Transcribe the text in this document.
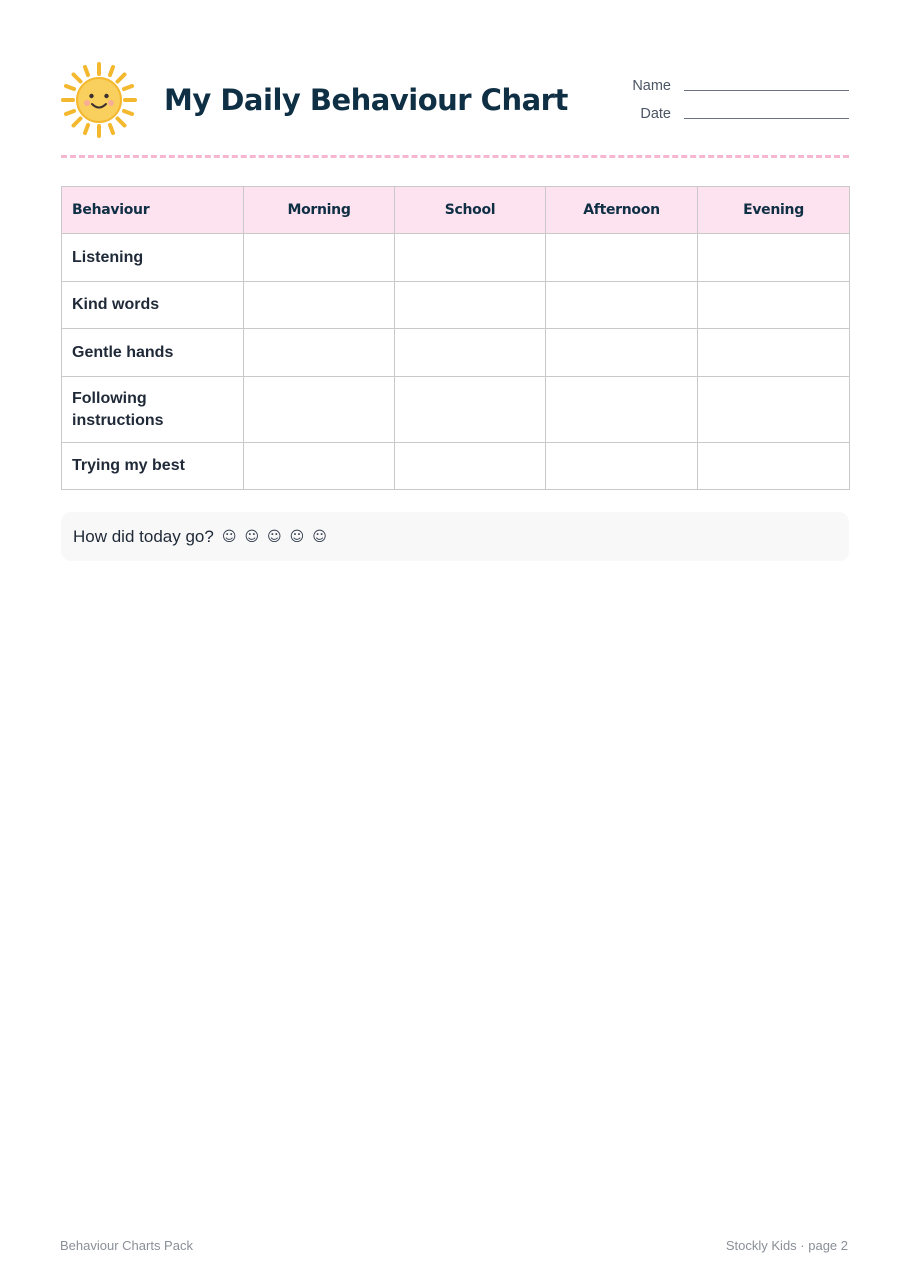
My Daily Behaviour Chart	Name
Date
Behaviour	Morning	School	Afternoon	Evening
Listening				
Kind words				
Gentle hands				
Following instructions				
Trying my best				
How did today go? ☺ ☺ ☺ ☺ ☺
Behaviour Charts Pack	Stockly Kids · page 2
